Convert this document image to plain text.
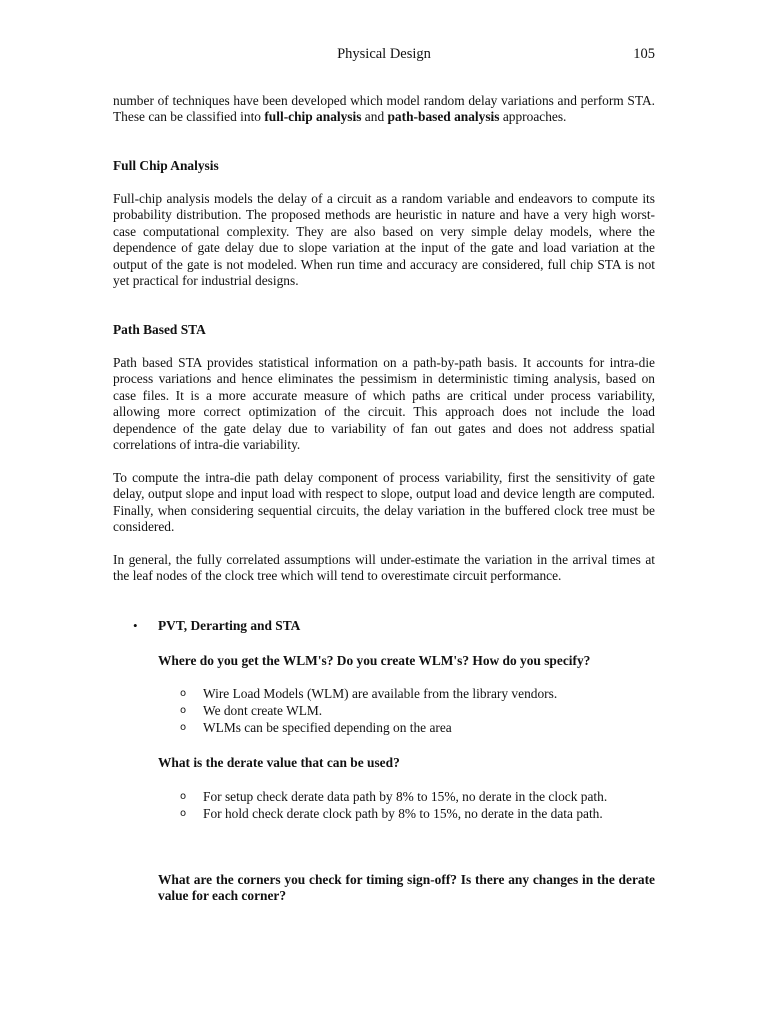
Physical Design	105

number of techniques have been developed which model random delay variations and perform STA. These can be classified into full-chip analysis and path-based analysis approaches.

Full Chip Analysis

Full-chip analysis models the delay of a circuit as a random variable and endeavors to compute its probability distribution. The proposed methods are heuristic in nature and have a very high worst-case computational complexity. They are also based on very simple delay models, where the dependence of gate delay due to slope variation at the input of the gate and load variation at the output of the gate is not modeled. When run time and accuracy are considered, full chip STA is not yet practical for industrial designs.

Path Based STA

Path based STA provides statistical information on a path-by-path basis. It accounts for intra-die process variations and hence eliminates the pessimism in deterministic timing analysis, based on case files. It is a more accurate measure of which paths are critical under process variability, allowing more correct optimization of the circuit. This approach does not include the load dependence of the gate delay due to variability of fan out gates and does not address spatial correlations of intra-die variability.

To compute the intra-die path delay component of process variability, first the sensitivity of gate delay, output slope and input load with respect to slope, output load and device length are computed. Finally, when considering sequential circuits, the delay variation in the buffered clock tree must be considered.

In general, the fully correlated assumptions will under-estimate the variation in the arrival times at the leaf nodes of the clock tree which will tend to overestimate circuit performance.

• PVT, Derarting and STA

Where do you get the WLM's? Do you create WLM's? How do you specify?

o Wire Load Models (WLM) are available from the library vendors.
o We dont create WLM.
o WLMs can be specified depending on the area

What is the derate value that can be used?

o For setup check derate data path by 8% to 15%, no derate in the clock path.
o For hold check derate clock path by 8% to 15%, no derate in the data path.

What are the corners you check for timing sign-off? Is there any changes in the derate value for each corner?
